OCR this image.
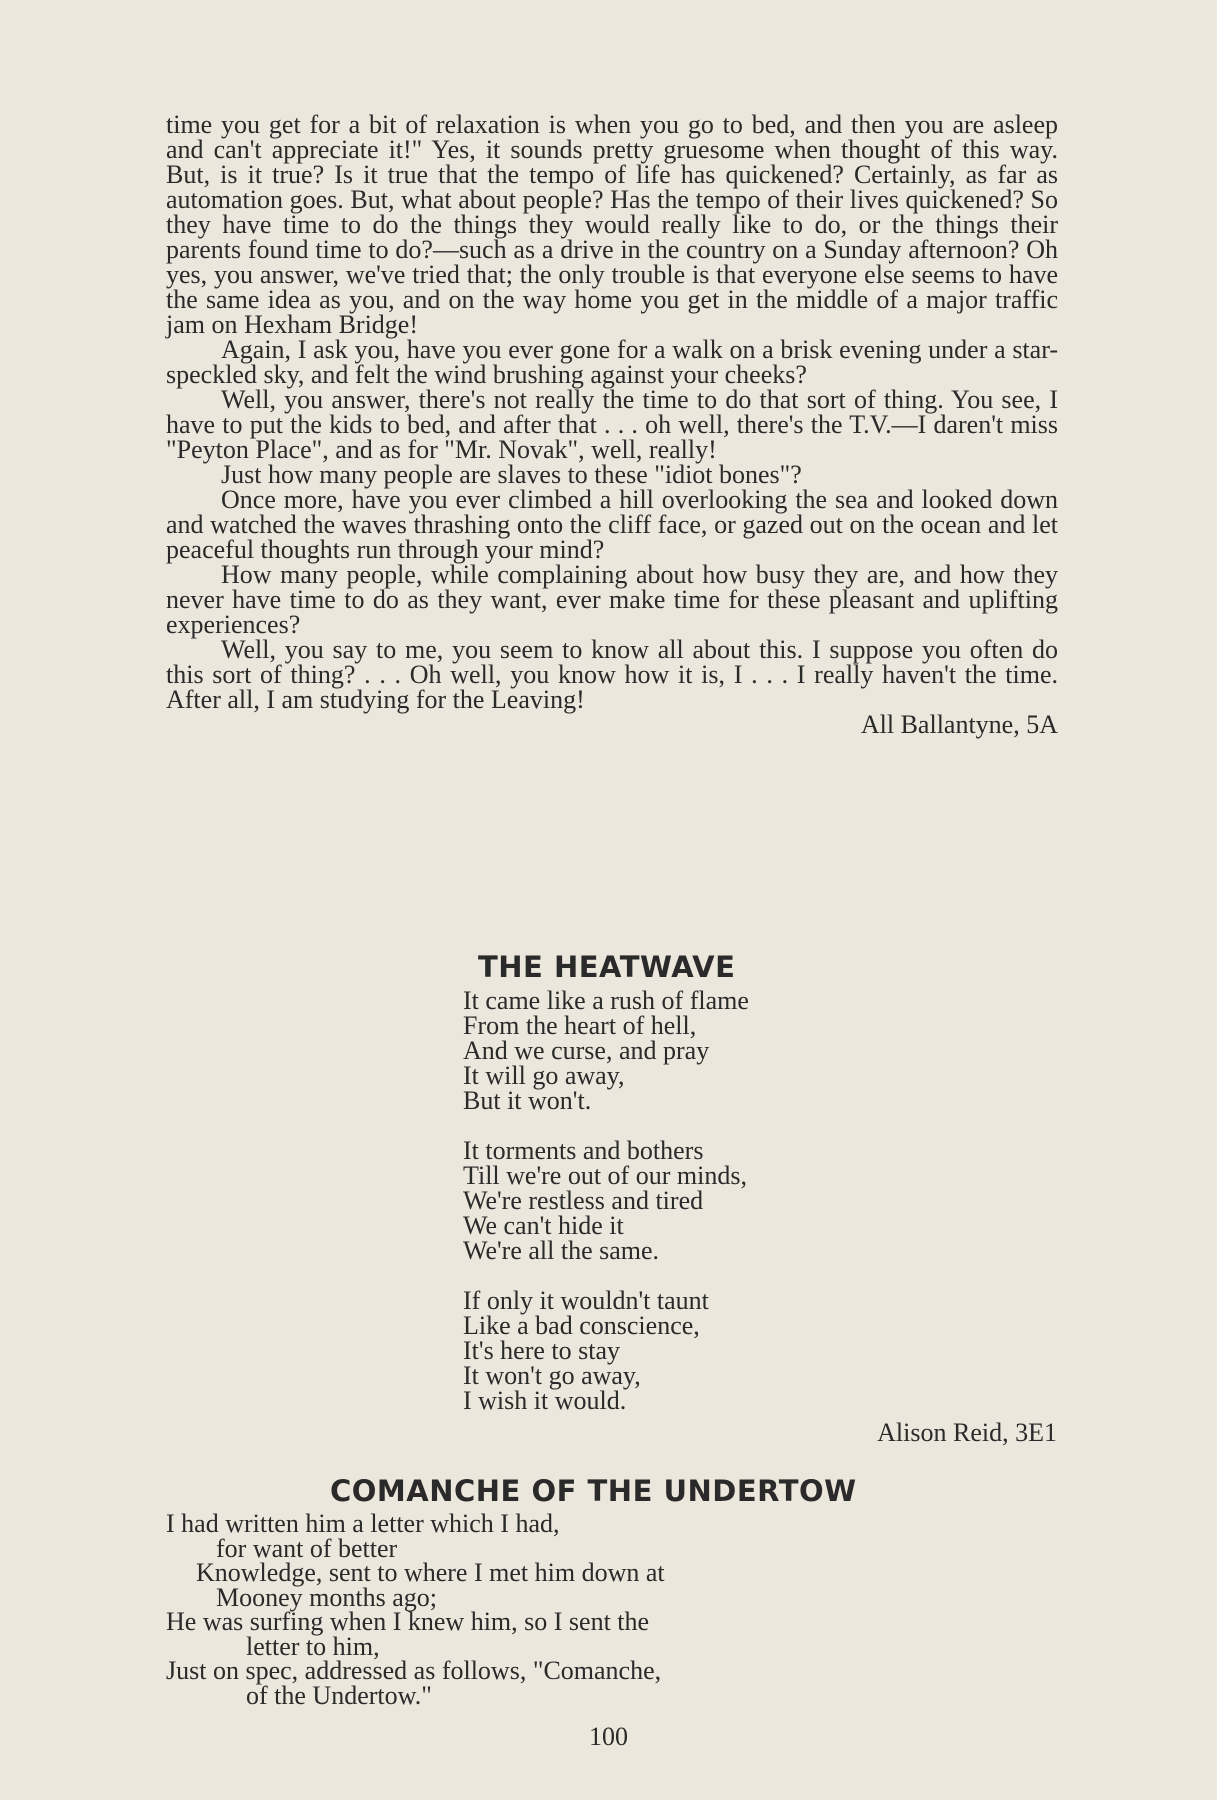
time you get for a bit of relaxation is when you go to bed, and then you are asleep and can't appreciate it!" Yes, it sounds pretty gruesome when thought of this way. But, is it true? Is it true that the tempo of life has quickened? Certainly, as far as automation goes. But, what about people? Has the tempo of their lives quickened? So they have time to do the things they would really like to do, or the things their parents found time to do?—such as a drive in the country on a Sunday afternoon? Oh yes, you answer, we've tried that; the only trouble is that everyone else seems to have the same idea as you, and on the way home you get in the middle of a major traffic jam on Hexham Bridge!

Again, I ask you, have you ever gone for a walk on a brisk evening under a star-speckled sky, and felt the wind brushing against your cheeks?

Well, you answer, there's not really the time to do that sort of thing. You see, I have to put the kids to bed, and after that . . . oh well, there's the T.V.—I daren't miss "Peyton Place", and as for "Mr. Novak", well, really!

Just how many people are slaves to these "idiot bones"?

Once more, have you ever climbed a hill overlooking the sea and looked down and watched the waves thrashing onto the cliff face, or gazed out on the ocean and let peaceful thoughts run through your mind?

How many people, while complaining about how busy they are, and how they never have time to do as they want, ever make time for these pleasant and uplifting experiences?

Well, you say to me, you seem to know all about this. I suppose you often do this sort of thing? . . . Oh well, you know how it is, I . . . I really haven't the time. After all, I am studying for the Leaving!

All Ballantyne, 5A

THE HEATWAVE
It came like a rush of flame
From the heart of hell,
And we curse, and pray
It will go away,
But it won't.
It torments and bothers
Till we're out of our minds,
We're restless and tired
We can't hide it
We're all the same.
If only it wouldn't taunt
Like a bad conscience,
It's here to stay
It won't go away,
I wish it would.
Alison Reid, 3E1
COMANCHE OF THE UNDERTOW
I had written him a letter which I had,
for want of better
Knowledge, sent to where I met him down at
Mooney months ago;
He was surfing when I knew him, so I sent the
letter to him,
Just on spec, addressed as follows, "Comanche,
of the Undertow."
100
